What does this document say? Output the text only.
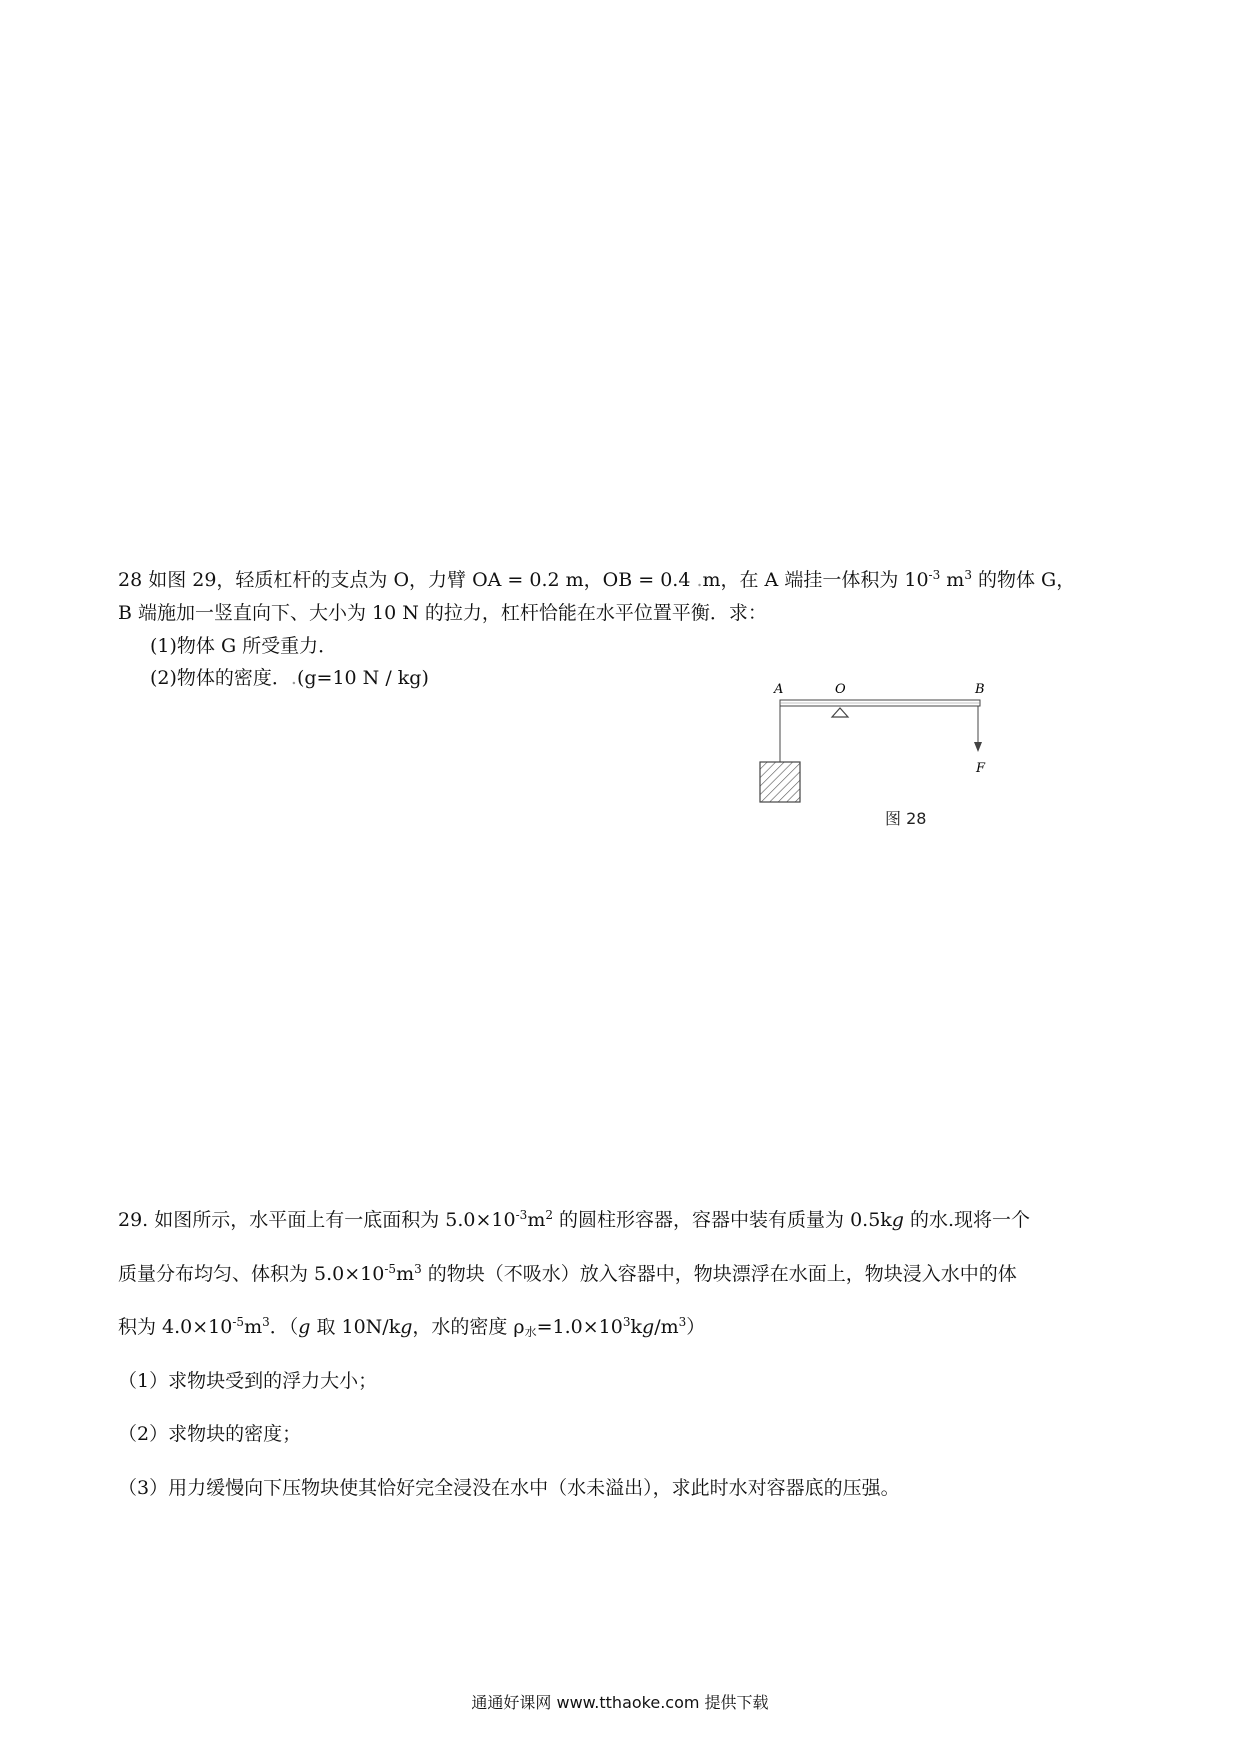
28 如图 29，轻质杠杆的支点为 O，力臂 OA = 0.2 m，OB = 0.4 .m，在 A 端挂一体积为 $10^{-3}$ $m^3$ 的物体 G，
B 端施加一竖直向下、大小为 10 N 的拉力，杠杆恰能在水平位置平衡．求：
(1)物体 G 所受重力．
(2)物体的密度．.(g=10 N / kg)
A	O	B
F
图 28
29. 如图所示，水平面上有一底面积为 $5.0\times 10^{-3}m^2$ 的圆柱形容器，容器中装有质量为 0.5kg 的水.现将一个
质量分布均匀、体积为 $5.0\times 10^{-5}m^3$ 的物块（不吸水）放入容器中，物块漂浮在水面上，物块浸入水中的体
积为 $4.0\times 10^{-5}m^3$．（g 取 10N/kg，水的密度 $\rho_水=1.0\times 10^3kg/m^3$）
（1）求物块受到的浮力大小；
（2）求物块的密度；
（3）用力缓慢向下压物块使其恰好完全浸没在水中（水未溢出），求此时水对容器底的压强。
通通好课网 www.tthaoke.com 提供下载
